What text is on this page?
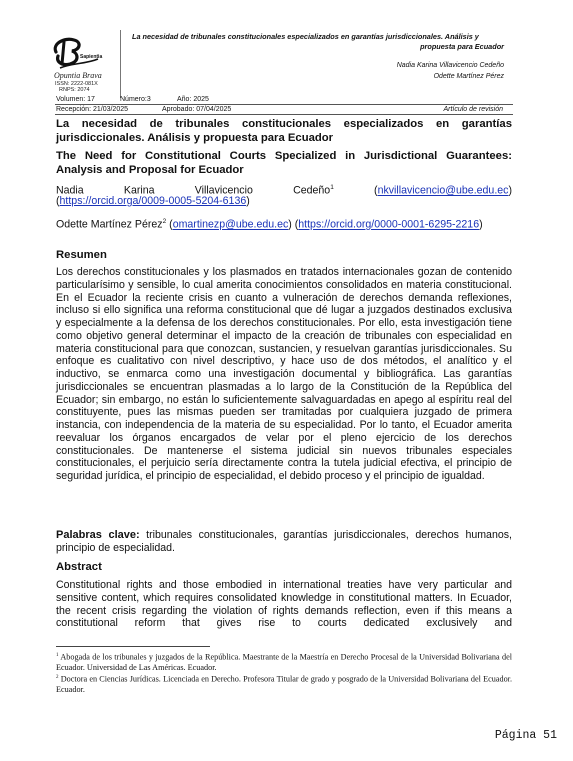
Sapientia
Opuntia Brava
ISSN: 2222-081X
RNPS: 2074
La necesidad de tribunales constitucionales especializados en garantías jurisdiccionales. Análisis y
propuesta para Ecuador
Nadia Karina Villavicencio Cedeño
Odette Martínez Pérez
Volumen: 17	Número:3	Año: 2025
Recepción: 21/03/2025	Aprobado: 07/04/2025	Artículo de revisión
La necesidad de tribunales constitucionales especializados en garantías jurisdiccionales. Análisis y propuesta para Ecuador
The Need for Constitutional Courts Specialized in Jurisdictional Guarantees: Analysis and Proposal for Ecuador
Nadia Karina Villavicencio Cedeño$^1$ (nkvillavicencio@ube.edu.ec)
(https://orcid.orga/0009-0005-5204-6136)
Odette Martínez Pérez$^2$ (omartinezp@ube.edu.ec) (https://orcid.org/0000-0001-6295-2216)
Resumen
Los derechos constitucionales y los plasmados en tratados internacionales gozan de contenido particularísimo y sensible, lo cual amerita conocimientos consolidados en materia constitucional. En el Ecuador la reciente crisis en cuanto a vulneración de derechos demanda reflexiones, incluso si ello significa una reforma constitucional que dé lugar a juzgados destinados exclusiva y especialmente a la defensa de los derechos constitucionales. Por ello, esta investigación tiene como objetivo general determinar el impacto de la creación de tribunales con especialidad en materia constitucional para que conozcan, sustancien, y resuelvan garantías jurisdiccionales. Su enfoque es cualitativo con nivel descriptivo, y hace uso de dos métodos, el analítico y el inductivo, se enmarca como una investigación documental y bibliográfica. Las garantías jurisdiccionales se encuentran plasmadas a lo largo de la Constitución de la República del Ecuador; sin embargo, no están lo suficientemente salvaguardadas en apego al espíritu real del constituyente, pues las mismas pueden ser tramitadas por cualquiera juzgado de primera instancia, con independencia de la materia de su especialidad. Por lo tanto, el Ecuador amerita reevaluar los órganos encargados de velar por el pleno ejercicio de los derechos constitucionales. De mantenerse el sistema judicial sin nuevos tribunales especiales constitucionales, el perjuicio sería directamente contra la tutela judicial efectiva, el principio de seguridad jurídica, el principio de especialidad, el debido proceso y el principio de igualdad.
Palabras clave: tribunales constitucionales, garantías jurisdiccionales, derechos humanos, principio de especialidad.
Abstract
Constitutional rights and those embodied in international treaties have very particular and sensitive content, which requires consolidated knowledge in constitutional matters. In Ecuador, the recent crisis regarding the violation of rights demands reflection, even if this means a constitutional reform that gives rise to courts dedicated exclusively and
$^1$ Abogada de los tribunales y juzgados de la República. Maestrante de la Maestría en Derecho Procesal de la Universidad Bolivariana del Ecuador. Universidad de Las Américas. Ecuador.
$^2$ Doctora en Ciencias Jurídicas. Licenciada en Derecho. Profesora Titular de grado y posgrado de la Universidad Bolivariana del Ecuador. Ecuador.
Página 51
